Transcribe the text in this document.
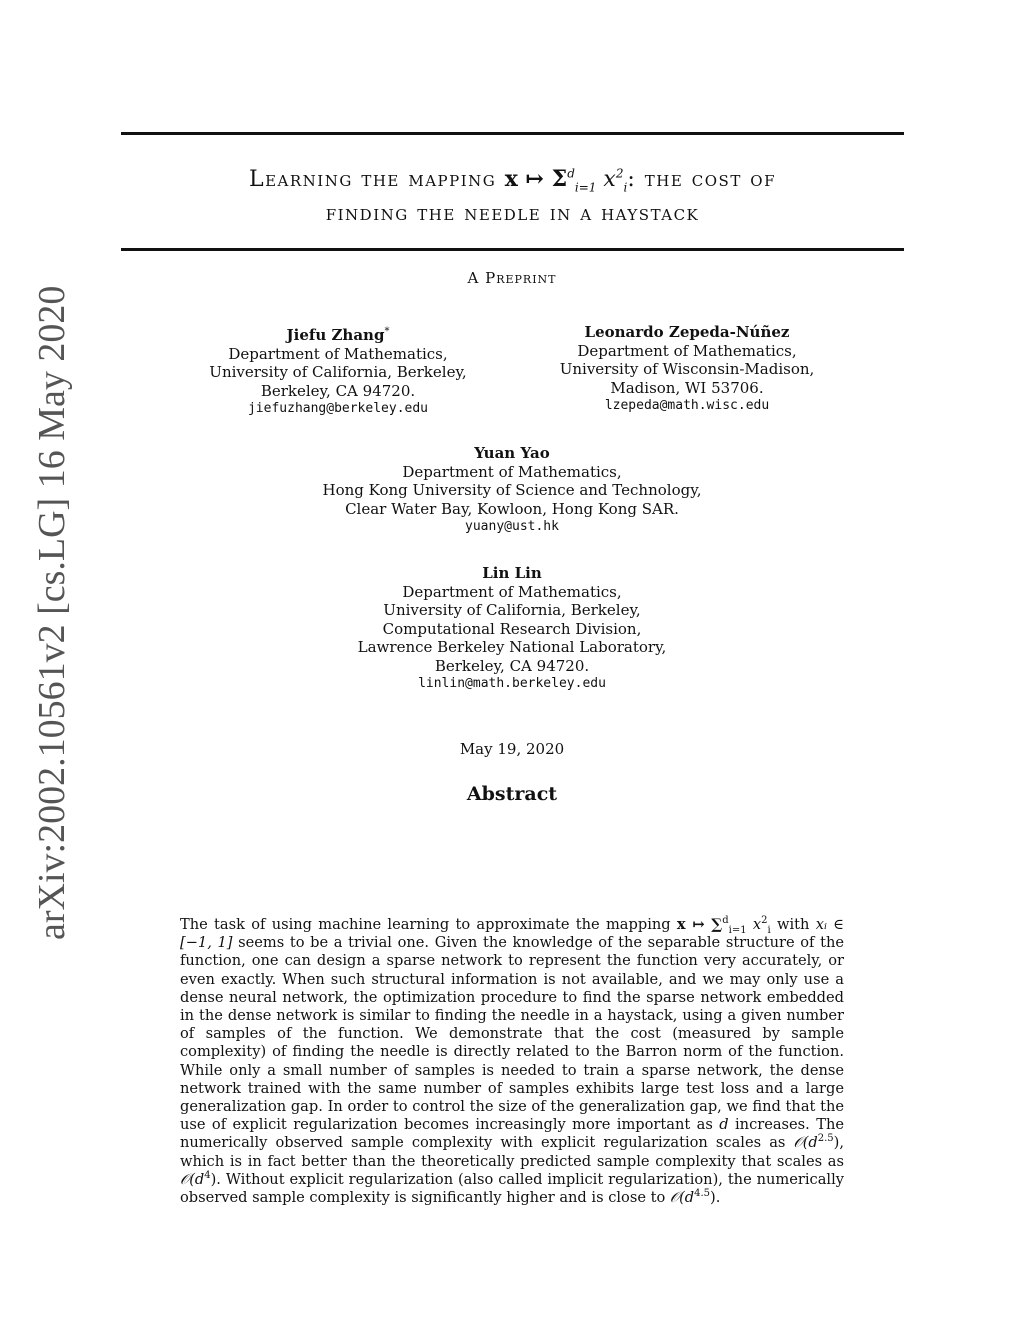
Learning the mapping x ↦ $\Sigma^d_{i=1}$ $x^2_i$: the cost of
finding the needle in a haystack
A Preprint
Jiefu Zhang*
Department of Mathematics,
University of California, Berkeley,
Berkeley, CA 94720.
jiefuzhang@berkeley.edu
Leonardo Zepeda-Núñez
Department of Mathematics,
University of Wisconsin-Madison,
Madison, WI 53706.
lzepeda@math.wisc.edu
Yuan Yao
Department of Mathematics,
Hong Kong University of Science and Technology,
Clear Water Bay, Kowloon, Hong Kong SAR.
yuany@ust.hk
Lin Lin
Department of Mathematics,
University of California, Berkeley,
Computational Research Division,
Lawrence Berkeley National Laboratory,
Berkeley, CA 94720.
linlin@math.berkeley.edu
May 19, 2020
Abstract
The task of using machine learning to approximate the mapping x ↦ ∑$^d_{i=1}$ $x^2_i$ with xᵢ ∈ [−1, 1] seems to be a trivial one. Given the knowledge of the separable structure of the function, one can design a sparse network to represent the function very accurately, or even exactly. When such structural information is not available, and we may only use a dense neural network, the optimization procedure to find the sparse network embedded in the dense network is similar to finding the needle in a haystack, using a given number of samples of the function. We demonstrate that the cost (measured by sample complexity) of finding the needle is directly related to the Barron norm of the function. While only a small number of samples is needed to train a sparse network, the dense network trained with the same number of samples exhibits large test loss and a large generalization gap. In order to control the size of the generalization gap, we find that the use of explicit regularization becomes increasingly more important as d increases. The numerically observed sample complexity with explicit regularization scales as $𝒪(d^{2.5})$, which is in fact better than the theoretically predicted sample complexity that scales as $𝒪(d^4)$. Without explicit regularization (also called implicit regularization), the numerically observed sample complexity is significantly higher and is close to $𝒪(d^{4.5})$.
arXiv:2002.10561v2 [cs.LG] 16 May 2020
